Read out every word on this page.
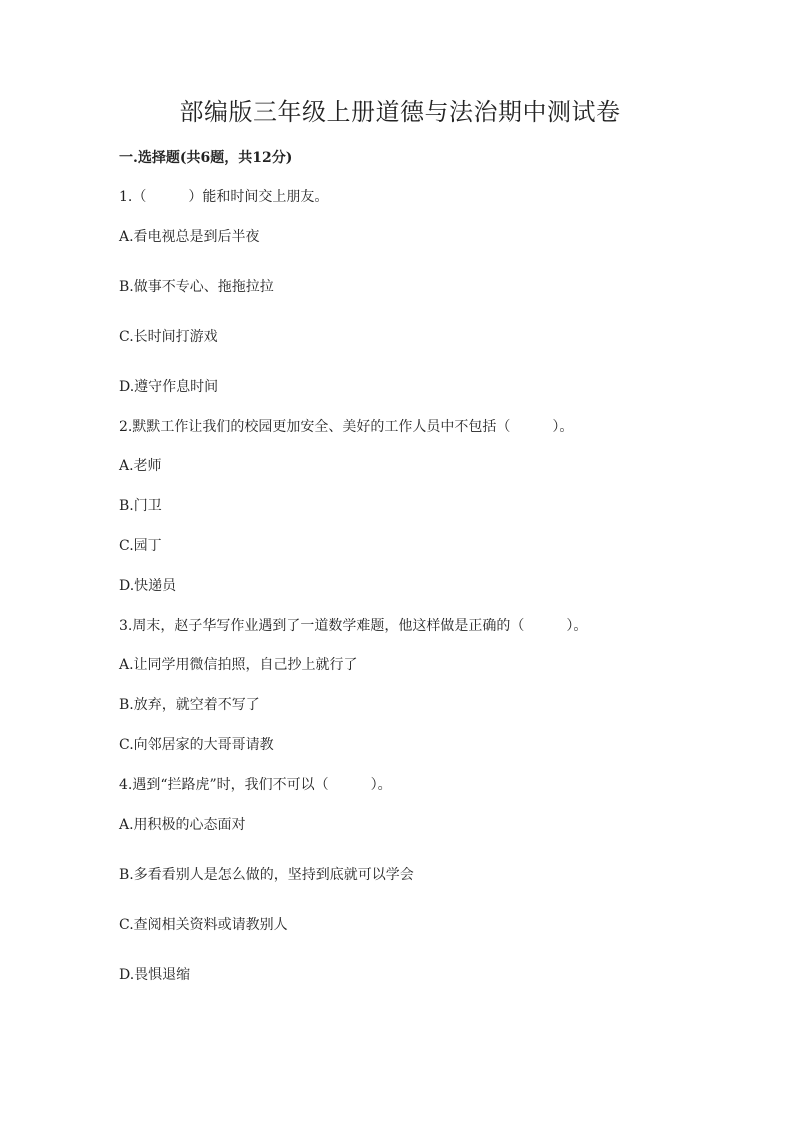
部编版三年级上册道德与法治期中测试卷
一.选择题(共6题，共12分)
1.（　　　）能和时间交上朋友。
A.看电视总是到后半夜
B.做事不专心、拖拖拉拉
C.长时间打游戏
D.遵守作息时间
2.默默工作让我们的校园更加安全、美好的工作人员中不包括（　　　）。
A.老师
B.门卫
C.园丁
D.快递员
3.周末，赵子华写作业遇到了一道数学难题，他这样做是正确的（　　　）。
A.让同学用微信拍照，自己抄上就行了
B.放弃，就空着不写了
C.向邻居家的大哥哥请教
4.遇到“拦路虎”时，我们不可以（　　　）。
A.用积极的心态面对
B.多看看别人是怎么做的，坚持到底就可以学会
C.查阅相关资料或请教别人
D.畏惧退缩
